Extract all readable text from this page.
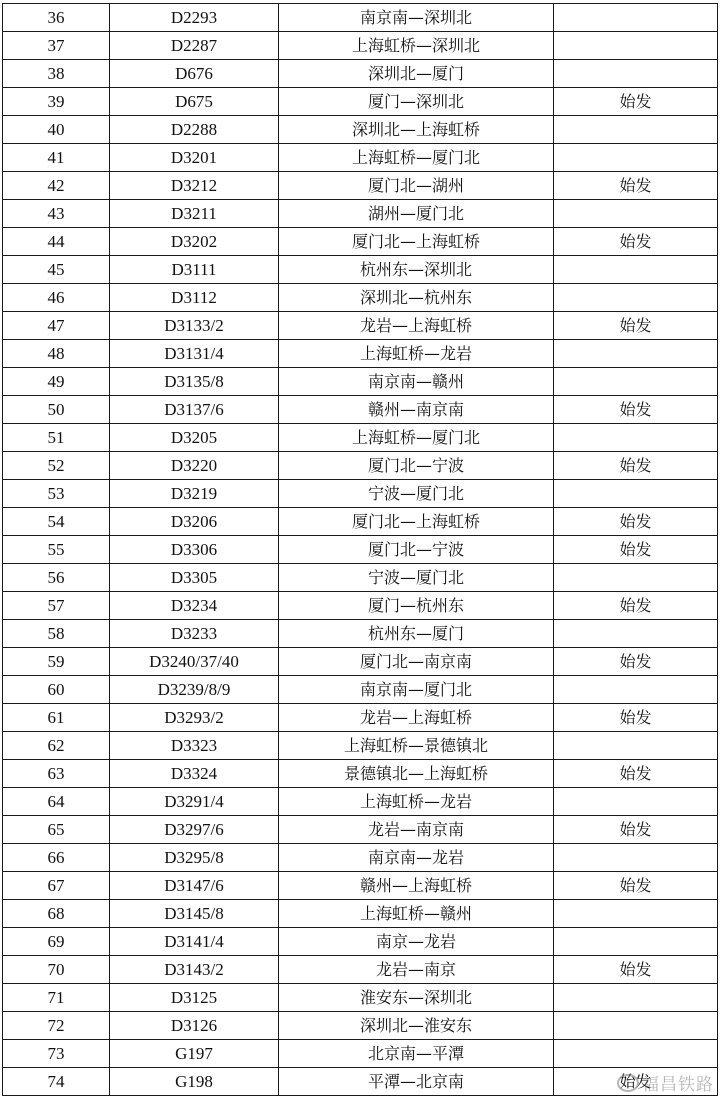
36	D2293	南京南—深圳北	
37	D2287	上海虹桥—深圳北	
38	D676	深圳北—厦门	
39	D675	厦门—深圳北	始发
40	D2288	深圳北—上海虹桥	
41	D3201	上海虹桥—厦门北	
42	D3212	厦门北—湖州	始发
43	D3211	湖州—厦门北	
44	D3202	厦门北—上海虹桥	始发
45	D3111	杭州东—深圳北	
46	D3112	深圳北—杭州东	
47	D3133/2	龙岩—上海虹桥	始发
48	D3131/4	上海虹桥—龙岩	
49	D3135/8	南京南—赣州	
50	D3137/6	赣州—南京南	始发
51	D3205	上海虹桥—厦门北	
52	D3220	厦门北—宁波	始发
53	D3219	宁波—厦门北	
54	D3206	厦门北—上海虹桥	始发
55	D3306	厦门北—宁波	始发
56	D3305	宁波—厦门北	
57	D3234	厦门—杭州东	始发
58	D3233	杭州东—厦门	
59	D3240/37/40	厦门北—南京南	始发
60	D3239/8/9	南京南—厦门北	
61	D3293/2	龙岩—上海虹桥	始发
62	D3323	上海虹桥—景德镇北	
63	D3324	景德镇北—上海虹桥	始发
64	D3291/4	上海虹桥—龙岩	
65	D3297/6	龙岩—南京南	始发
66	D3295/8	南京南—龙岩	
67	D3147/6	赣州—上海虹桥	始发
68	D3145/8	上海虹桥—赣州	
69	D3141/4	南京—龙岩	
70	D3143/2	龙岩—南京	始发
71	D3125	淮安东—深圳北	
72	D3126	深圳北—淮安东	
73	G197	北京南—平潭	
74	G198	平潭—北京南	始发
福昌铁路
